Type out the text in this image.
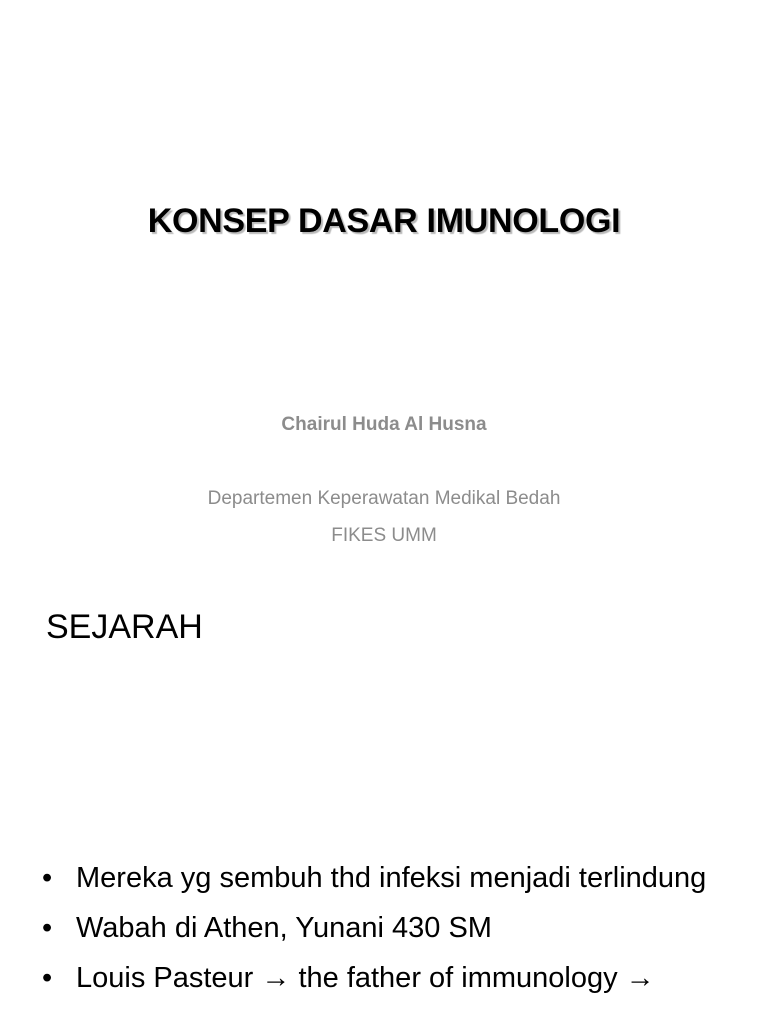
KONSEP DASAR IMUNOLOGI
Chairul Huda Al Husna
Departemen Keperawatan Medikal Bedah
FIKES UMM
SEJARAH
• Mereka yg sembuh thd infeksi menjadi terlindung
• Wabah di Athen, Yunani 430 SM
• Louis Pasteur → the father of immunology →
